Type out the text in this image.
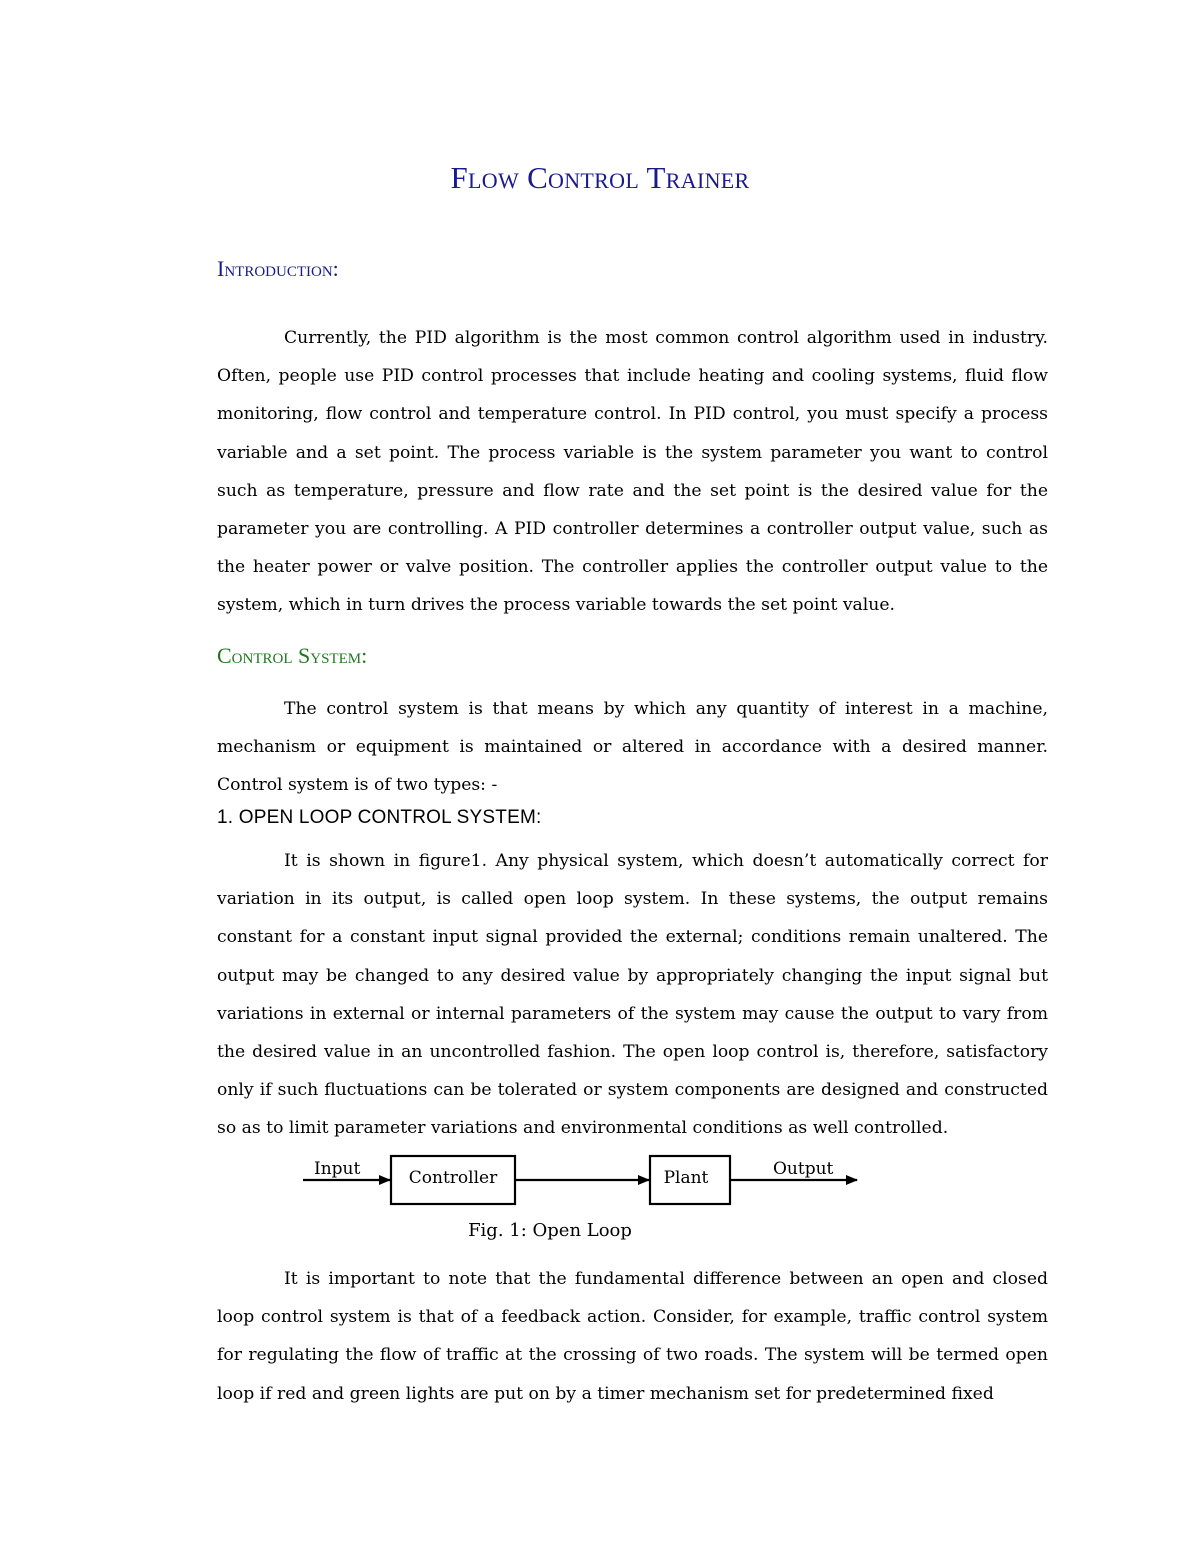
Flow Control Trainer
Introduction:

Currently, the PID algorithm is the most common control algorithm used in industry. Often, people use PID control processes that include heating and cooling systems, fluid flow monitoring, flow control and temperature control. In PID control, you must specify a process variable and a set point. The process variable is the system parameter you want to control such as temperature, pressure and flow rate and the set point is the desired value for the parameter you are controlling. A PID controller determines a controller output value, such as the heater power or valve position. The controller applies the controller output value to the system, which in turn drives the process variable towards the set point value.

Control System:

The control system is that means by which any quantity of interest in a machine, mechanism or equipment is maintained or altered in accordance with a desired manner. Control system is of two types: -

1. OPEN LOOP CONTROL SYSTEM:

It is shown in figure1. Any physical system, which doesn’t automatically correct for variation in its output, is called open loop system. In these systems, the output remains constant for a constant input signal provided the external; conditions remain unaltered. The output may be changed to any desired value by appropriately changing the input signal but variations in external or internal parameters of the system may cause the output to vary from the desired value in an uncontrolled fashion. The open loop control is, therefore, satisfactory only if such fluctuations can be tolerated or system components are designed and constructed so as to limit parameter variations and environmental conditions as well controlled.

Input	Controller	Plant	Output
Fig. 1: Open Loop

It is important to note that the fundamental difference between an open and closed loop control system is that of a feedback action. Consider, for example, traffic control system for regulating the flow of traffic at the crossing of two roads. The system will be termed open loop if red and green lights are put on by a timer mechanism set for predetermined fixed
